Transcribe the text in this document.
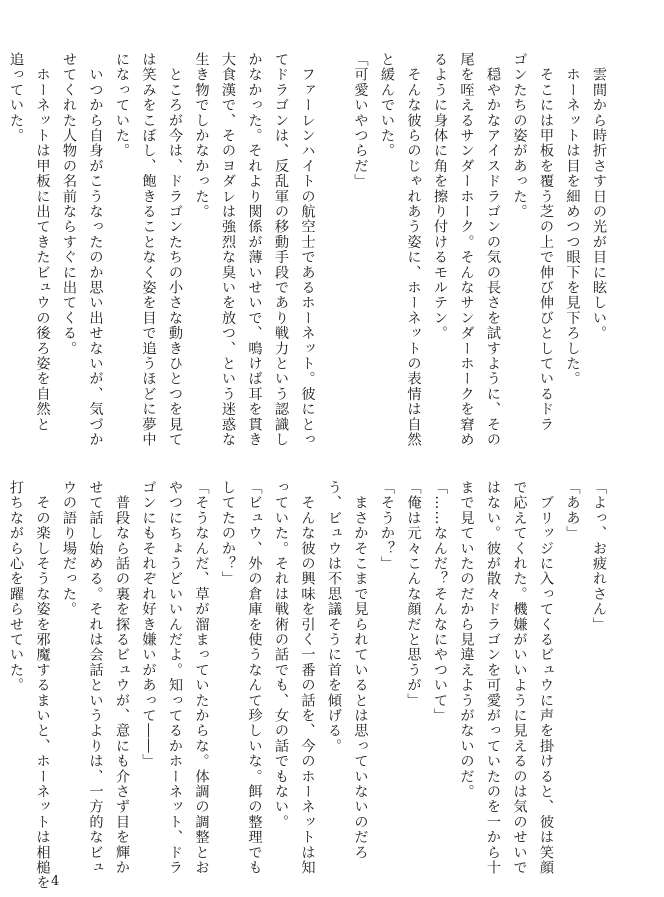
　雲間から時折さす日の光が目に眩しい。

　ホーネットは目を細めつつ眼下を見下ろした。

　そこには甲板を覆う芝の上で伸び伸びとしているドラ

ゴンたちの姿があった。

　穏やかなアイスドラゴンの気の長さを試すように、その

尾を咥えるサンダーホーク。そんなサンダーホークを窘め

るように身体に角を擦り付けるモルテン。

　そんな彼らのじゃれあう姿に、ホーネットの表情は自然

と緩んでいた。

「可愛いやつらだ」

　ファーレンハイトの航空士であるホーネット。彼にとっ

てドラゴンは、反乱軍の移動手段であり戦力という認識し

かなかった。それより関係が薄いせいで、鳴けば耳を貫き

大食漢で、そのヨダレは強烈な臭いを放つ、という迷惑な

生き物でしかなかった。

　ところが今は、ドラゴンたちの小さな動きひとつを見て

は笑みをこぼし、飽きることなく姿を目で追うほどに夢中

になっていた。

　いつから自身がこうなったのか思い出せないが、気づか

せてくれた人物の名前ならすぐに出てくる。

　ホーネットは甲板に出てきたビュウの後ろ姿を自然と

追っていた。

「よっ、お疲れさん」

「ああ」

　ブリッジに入ってくるビュウに声を掛けると、彼は笑顔

で応えてくれた。機嫌がいいように見えるのは気のせいで

はない。彼が散々ドラゴンを可愛がっていたのを一から十

まで見ていたのだから見違えようがないのだ。

「……なんだ？そんなにやついて」

「俺は元々こんな顔だと思うが」

「そうか？」

　まさかそこまで見られているとは思っていないのだろ

う、ビュウは不思議そうに首を傾げる。

　そんな彼の興味を引く一番の話を、今のホーネットは知

っていた。それは戦術の話でも、女の話でもない。

「ビュウ、外の倉庫を使うなんて珍しいな。餌の整理でも

してたのか？」

「そうなんだ、草が溜まっていたからな。体調の調整とお

やつにちょうどいいんだよ。知ってるかホーネット、ドラ

ゴンにもそれぞれ好き嫌いがあって――」

　普段なら話の裏を探るビュウが、意にも介さず目を輝か

せて話し始める。それは会話というよりは、一方的なビュ

ウの語り場だった。

　その楽しそうな姿を邪魔するまいと、ホーネットは相槌を

打ちながら心を躍らせていた。

4
